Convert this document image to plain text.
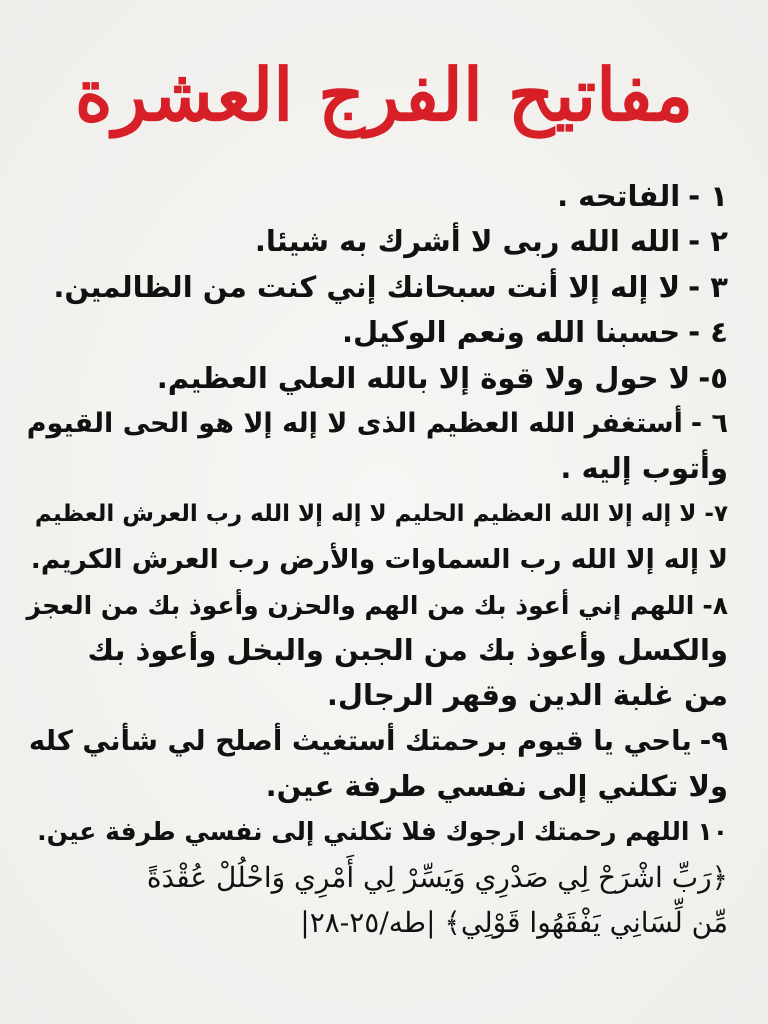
مفاتيح الفرج العشرة
١ -الفاتحه .
٢ -الله الله ربى لا أشرك به شيئا.
٣ -لا إله إلا أنت سبحانك إني كنت من الظالمين.
٤ -حسبنا الله ونعم الوكيل.
٥-لا حول ولا قوة إلا بالله العلي العظيم.
٦ -أستغفر الله العظيم الذى لا إله إلا هو الحى القيوم
وأتوب إليه .
٧-لا إله إلا الله العظيم الحليم لا إله إلا الله رب العرش العظيم
لا إله إلا الله رب السماوات والأرض رب العرش الكريم.
٨-اللهم إني أعوذ بك من الهم والحزن وأعوذ بك من العجز
والكسل وأعوذ بك من الجبن والبخل وأعوذ بك
من غلبة الدين وقهر الرجال.
٩-ياحي يا قيوم برحمتك أستغيث أصلح لي شأني كله
ولا تكلني إلى نفسي طرفة عين.
١٠اللهم رحمتك ارجوك فلا تكلني إلى نفسي طرفة عين.
﴿رَبِّ اشْرَحْ لِي صَدْرِي وَيَسِّرْ لِي أَمْرِي وَاحْلُلْ عُقْدَةً
مِّن لِّسَانِي يَفْقَهُوا قَوْلِي﴾ |طه/٢٥-٢٨|
